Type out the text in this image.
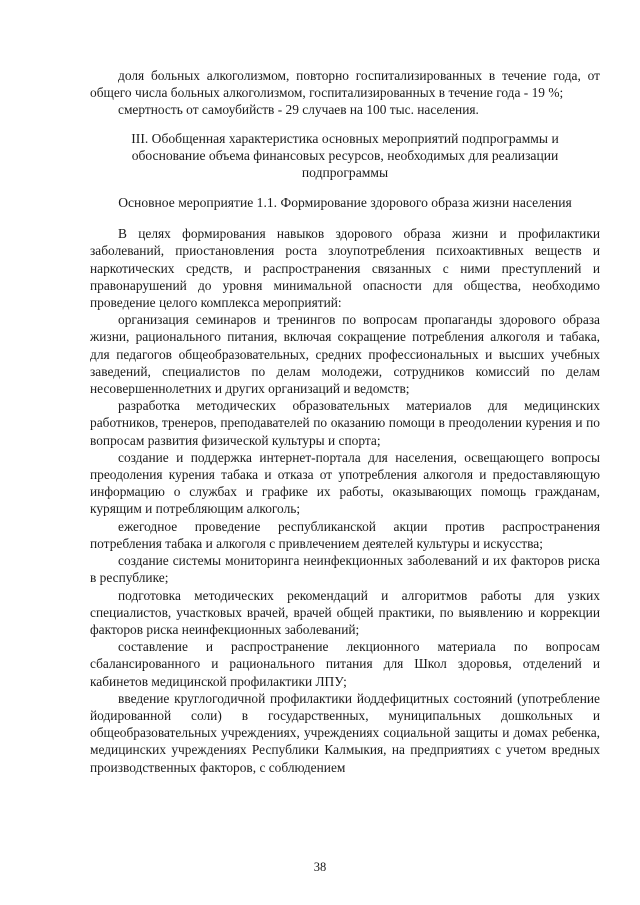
доля больных алкоголизмом, повторно госпитализированных в течение года, от общего числа больных алкоголизмом, госпитализированных в течение года - 19 %;

смертность от самоубийств - 29 случаев на 100 тыс. населения.

III. Обобщенная характеристика основных мероприятий подпрограммы и обоснование объема финансовых ресурсов, необходимых для реализации подпрограммы

Основное мероприятие 1.1. Формирование здорового образа жизни населения

В целях формирования навыков здорового образа жизни и профилактики заболеваний, приостановления роста злоупотребления психоактивных веществ и наркотических средств, и распространения связанных с ними преступлений и правонарушений до уровня минимальной опасности для общества, необходимо проведение целого комплекса мероприятий:

организация семинаров и тренингов по вопросам пропаганды здорового образа жизни, рационального питания, включая сокращение потребления алкоголя и табака, для педагогов общеобразовательных, средних профессиональных и высших учебных заведений, специалистов по делам молодежи, сотрудников комиссий по делам несовершеннолетних и других организаций и ведомств;

разработка методических образовательных материалов для медицинских работников, тренеров, преподавателей по оказанию помощи в преодолении курения и по вопросам развития физической культуры и спорта;

создание и поддержка интернет-портала для населения, освещающего вопросы преодоления курения табака и отказа от употребления алкоголя и предоставляющую информацию о службах и графике их работы, оказывающих помощь гражданам, курящим и потребляющим алкоголь;

ежегодное проведение республиканской акции против распространения потребления табака и алкоголя с привлечением деятелей культуры и искусства;

создание системы мониторинга неинфекционных заболеваний и их факторов риска в республике;

подготовка методических рекомендаций и алгоритмов работы для узких специалистов, участковых врачей, врачей общей практики, по выявлению и коррекции факторов риска неинфекционных заболеваний;

составление и распространение лекционного материала по вопросам сбалансированного и рационального питания для Школ здоровья, отделений и кабинетов медицинской профилактики ЛПУ;

введение круглогодичной профилактики йоддефицитных состояний (употребление йодированной соли) в государственных, муниципальных дошкольных и общеобразовательных учреждениях, учреждениях социальной защиты и домах ребенка, медицинских учреждениях Республики Калмыкия, на предприятиях с учетом вредных производственных факторов, с соблюдением

38
